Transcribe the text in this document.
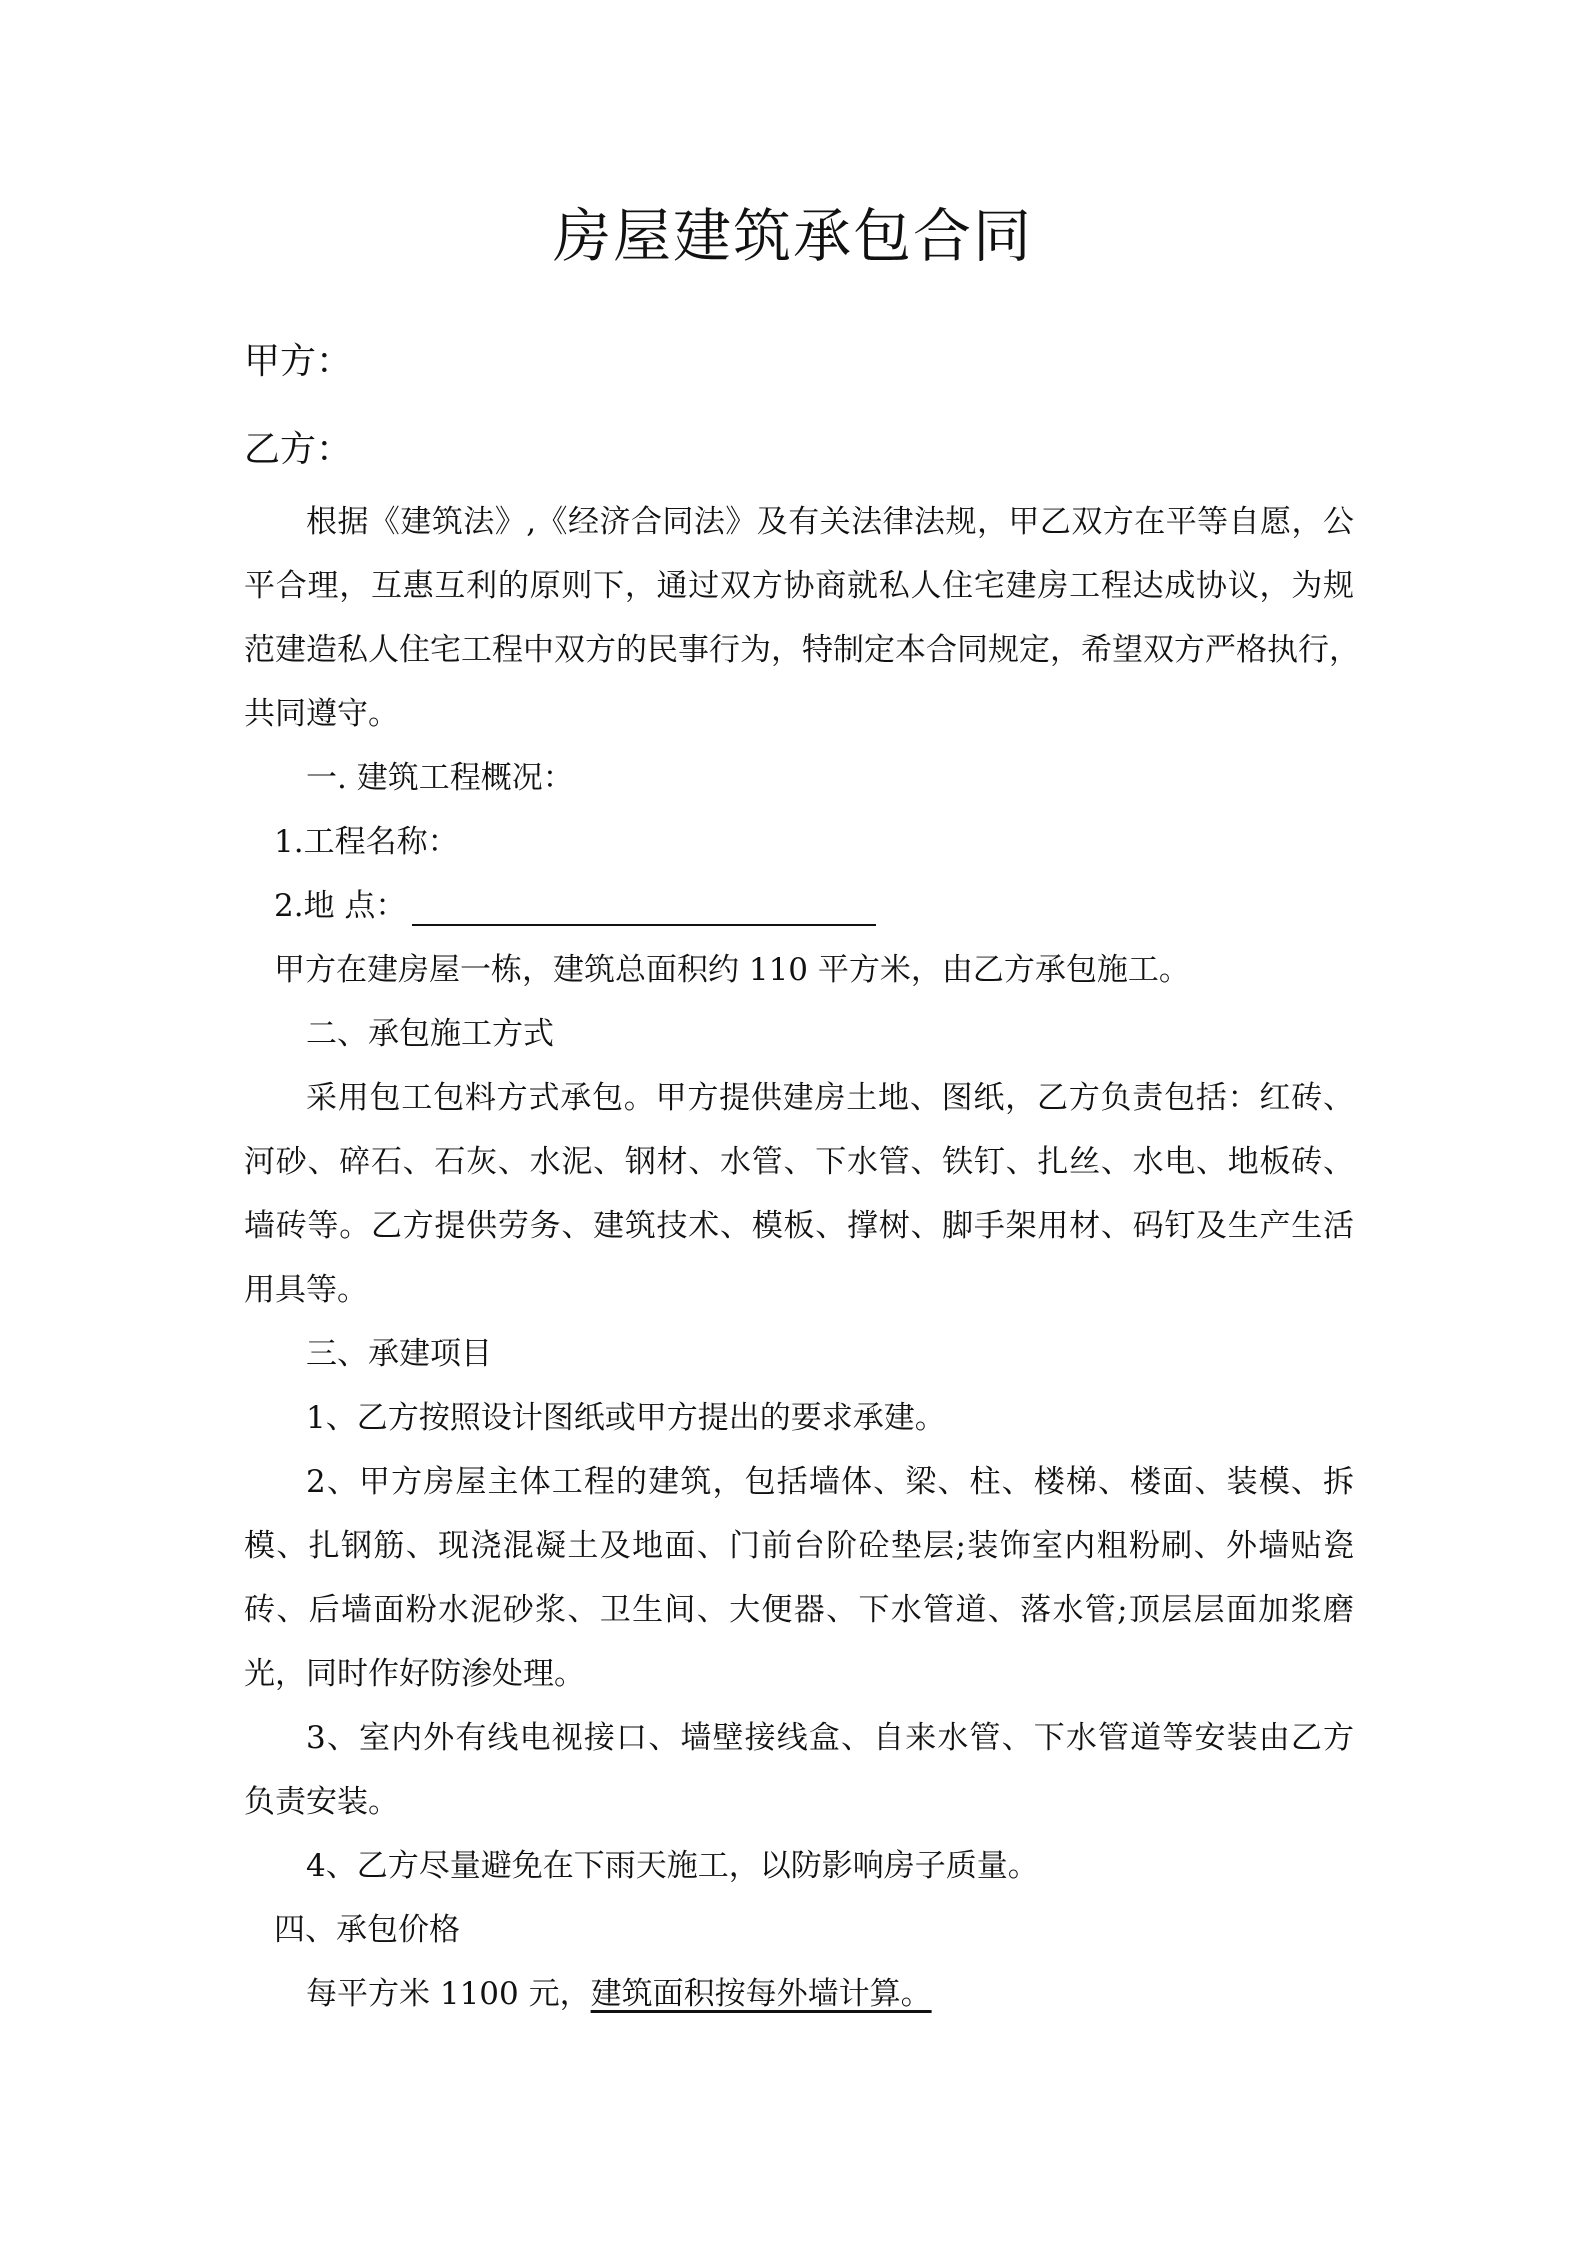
房屋建筑承包合同
甲方：
乙方：
根据《建筑法》,《经济合同法》及有关法律法规，甲乙双方在平等自愿，公
平合理，互惠互利的原则下，通过双方协商就私人住宅建房工程达成协议，为规
范建造私人住宅工程中双方的民事行为，特制定本合同规定，希望双方严格执行，
共同遵守。
一. 建筑工程概况：
1.工程名称：
2.地 点：
甲方在建房屋一栋，建筑总面积约 110 平方米，由乙方承包施工。
二、承包施工方式
采用包工包料方式承包。甲方提供建房土地、图纸，乙方负责包括：红砖、
河砂、碎石、石灰、水泥、钢材、水管、下水管、铁钉、扎丝、水电、地板砖、
墙砖等。乙方提供劳务、建筑技术、模板、撑树、脚手架用材、码钉及生产生活
用具等。
三、承建项目
1、乙方按照设计图纸或甲方提出的要求承建。
2、甲方房屋主体工程的建筑，包括墙体、梁、柱、楼梯、楼面、装模、拆
模、扎钢筋、现浇混凝土及地面、门前台阶砼垫层;装饰室内粗粉刷、外墙贴瓷
砖、后墙面粉水泥砂浆、卫生间、大便器、下水管道、落水管;顶层层面加浆磨
光，同时作好防渗处理。
3、室内外有线电视接口、墙壁接线盒、自来水管、下水管道等安装由乙方
负责安装。
4、乙方尽量避免在下雨天施工，以防影响房子质量。
四、承包价格
每平方米 1100 元，建筑面积按每外墙计算。
